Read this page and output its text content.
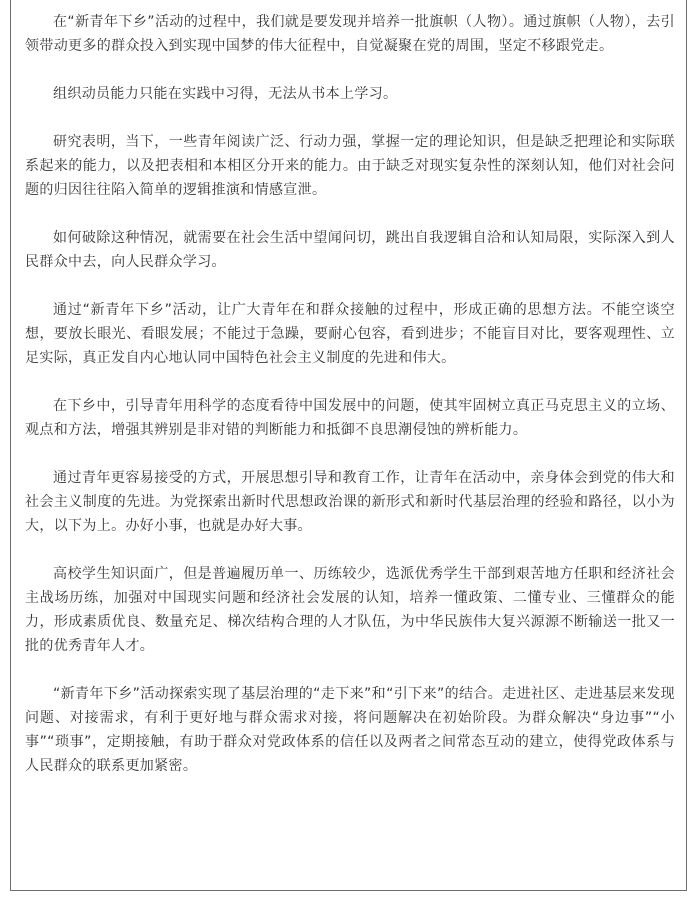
在“新青年下乡”活动的过程中，我们就是要发现并培养一批旗帜（人物）。通过旗帜（人物），去引领带动更多的群众投入到实现中国梦的伟大征程中，自觉凝聚在党的周围，坚定不移跟党走。

组织动员能力只能在实践中习得，无法从书本上学习。

研究表明，当下，一些青年阅读广泛、行动力强，掌握一定的理论知识，但是缺乏把理论和实际联系起来的能力，以及把表相和本相区分开来的能力。由于缺乏对现实复杂性的深刻认知，他们对社会问题的归因往往陷入简单的逻辑推演和情感宣泄。

如何破除这种情况，就需要在社会生活中望闻问切，跳出自我逻辑自洽和认知局限，实际深入到人民群众中去，向人民群众学习。

通过“新青年下乡”活动，让广大青年在和群众接触的过程中，形成正确的思想方法。不能空谈空想，要放长眼光、看眼发展；不能过于急躁，要耐心包容，看到进步；不能盲目对比，要客观理性、立足实际，真正发自内心地认同中国特色社会主义制度的先进和伟大。

在下乡中，引导青年用科学的态度看待中国发展中的问题，使其牢固树立真正马克思主义的立场、观点和方法，增强其辨别是非对错的判断能力和抵御不良思潮侵蚀的辨析能力。

通过青年更容易接受的方式，开展思想引导和教育工作，让青年在活动中，亲身体会到党的伟大和社会主义制度的先进。为党探索出新时代思想政治课的新形式和新时代基层治理的经验和路径，以小为大，以下为上。办好小事，也就是办好大事。

高校学生知识面广，但是普遍履历单一、历练较少，选派优秀学生干部到艰苦地方任职和经济社会主战场历练，加强对中国现实问题和经济社会发展的认知，培养一懂政策、二懂专业、三懂群众的能力，形成素质优良、数量充足、梯次结构合理的人才队伍，为中华民族伟大复兴源源不断输送一批又一批的优秀青年人才。

“新青年下乡”活动探索实现了基层治理的“走下来”和“引下来”的结合。走进社区、走进基层来发现问题、对接需求，有利于更好地与群众需求对接，将问题解决在初始阶段。为群众解决“身边事”“小事”“琐事”，定期接触，有助于群众对党政体系的信任以及两者之间常态互动的建立，使得党政体系与人民群众的联系更加紧密。
